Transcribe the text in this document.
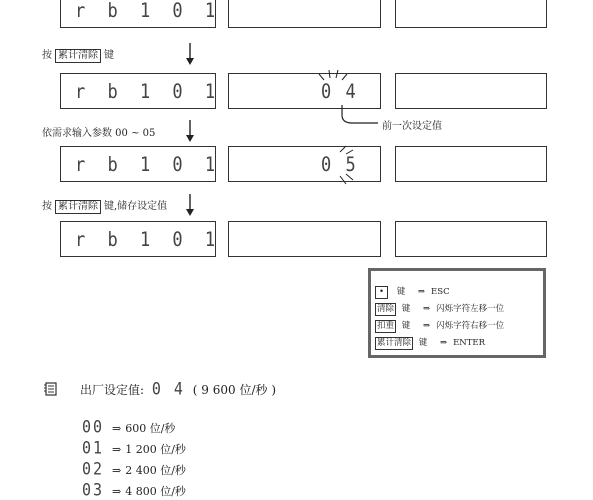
r b 1 0 1
按 累计清除 键
r b 1 0 1	0 4
前一次设定值
依需求输入参数 00 ~ 05
r b 1 0 1	0 5
按 累计清除 键,储存设定值
r b 1 0 1
• 键 ⇒ ESC
清除 键 ⇒ 闪烁字符左移一位
扣重 键 ⇒ 闪烁字符右移一位
累计清除 键 ⇒ ENTER
出厂设定值: 0 4 ( 9 600 位/秒 )
00 ⇒ 600 位/秒
01 ⇒ 1 200 位/秒
02 ⇒ 2 400 位/秒
03 ⇒ 4 800 位/秒
